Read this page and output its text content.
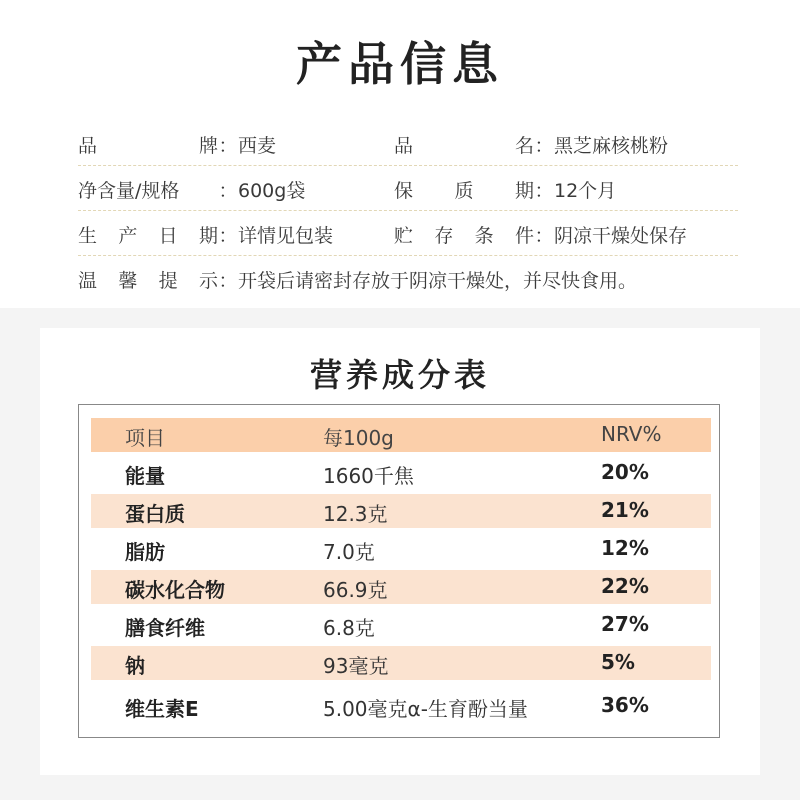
产品信息
品牌：西麦	品名：黑芝麻核桃粉
净含量/规格 ：600g袋	保质期：12个月
生产日期：详情见包装	贮存条件：阴凉干燥处保存
温馨提示：开袋后请密封存放于阴凉干燥处，并尽快食用。
营养成分表
项目	每100g	NRV%
能量	1660千焦	20%
蛋白质	12.3克	21%
脂肪	7.0克	12%
碳水化合物	66.9克	22%
膳食纤维	6.8克	27%
钠	93毫克	5%
维生素E	5.00毫克α-生育酚当量	36%
